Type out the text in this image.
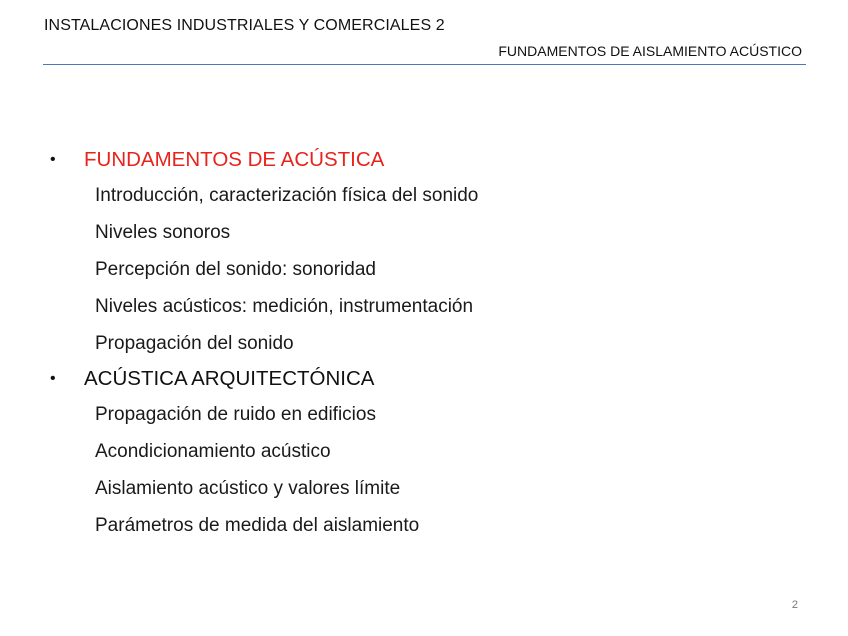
INSTALACIONES INDUSTRIALES Y COMERCIALES 2
FUNDAMENTOS DE AISLAMIENTO ACÚSTICO
•	FUNDAMENTOS DE ACÚSTICA
Introducción, caracterización física del sonido
Niveles sonoros
Percepción del sonido: sonoridad
Niveles acústicos: medición, instrumentación
Propagación del sonido
•	ACÚSTICA ARQUITECTÓNICA
Propagación de ruido en edificios
Acondicionamiento acústico
Aislamiento acústico y valores límite
Parámetros de medida del aislamiento
2
